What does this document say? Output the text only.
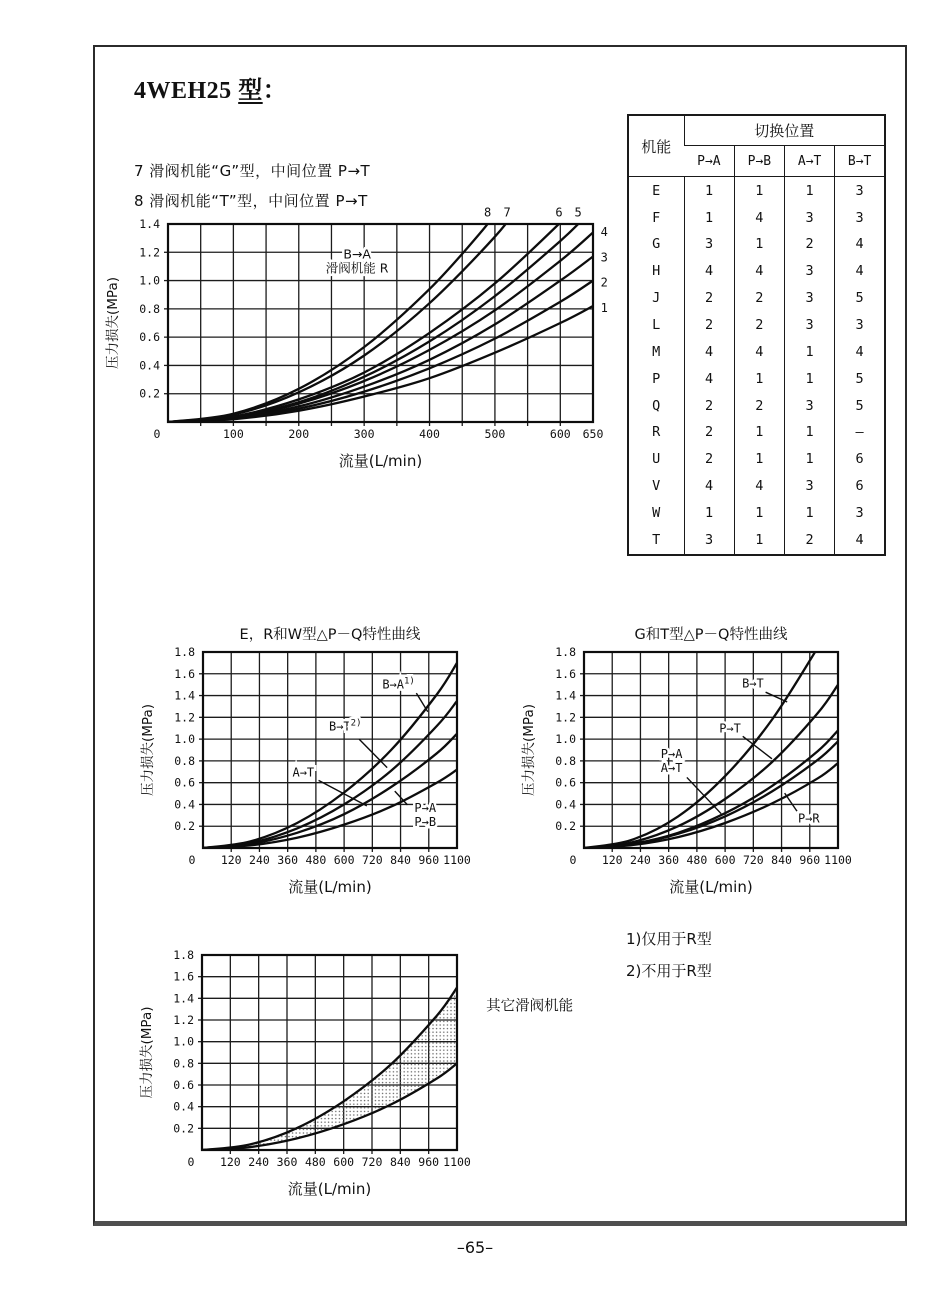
4WEH25 型：
7 滑阀机能“G”型，中间位置 P→T
8 滑阀机能“T”型，中间位置 P→T
0.2
0.4
0.6
0.8
1.0
1.2
1.4
0	100	200	300	400	500	600 650
B→A
滑阀机能 R
8 7	6 5
4
3
2
1
压力损失(MPa)
流量(L/min)
机能	切换位置			
	P→A	P→B	A→T	B→T
E	1	1	1	3
F	1	4	3	3
G	3	1	2	4
H	4	4	3	4
J	2	2	3	5
L	2	2	3	3
M	4	4	1	4
P	4	1	1	5
Q	2	2	3	5
R	2	1	1	—
U	2	1	1	6
V	4	4	3	6
W	1	1	1	3
T	3	1	2	4
0.2
0.4
0.6
0.8
1.0
1.2
1.4
1.6
1.8
0 120 240 360 480 600 720 840 960 1100
$B\to A^{1)}$
$B\to T^{2)}$
A→T
P→A
P→B
E，R和W型△P－Q特性曲线
压力损失(MPa)
流量(L/min)
0.2
0.4
0.6
0.8
1.0
1.2
1.4
1.6
1.8
0 120 240 360 480 600 720 840 960 1100
B→T
P→T
P→A
A→T
P→R
G和T型△P－Q特性曲线
压力损失(MPa)
流量(L/min)
0.2
0.4
0.6
0.8
1.0
1.2
1.4
1.6
1.8
0 120 240 360 480 600 720 840 960 1100
其它滑阀机能
压力损失(MPa)
流量(L/min)
1)仅用于R型
2)不用于R型
–65–
